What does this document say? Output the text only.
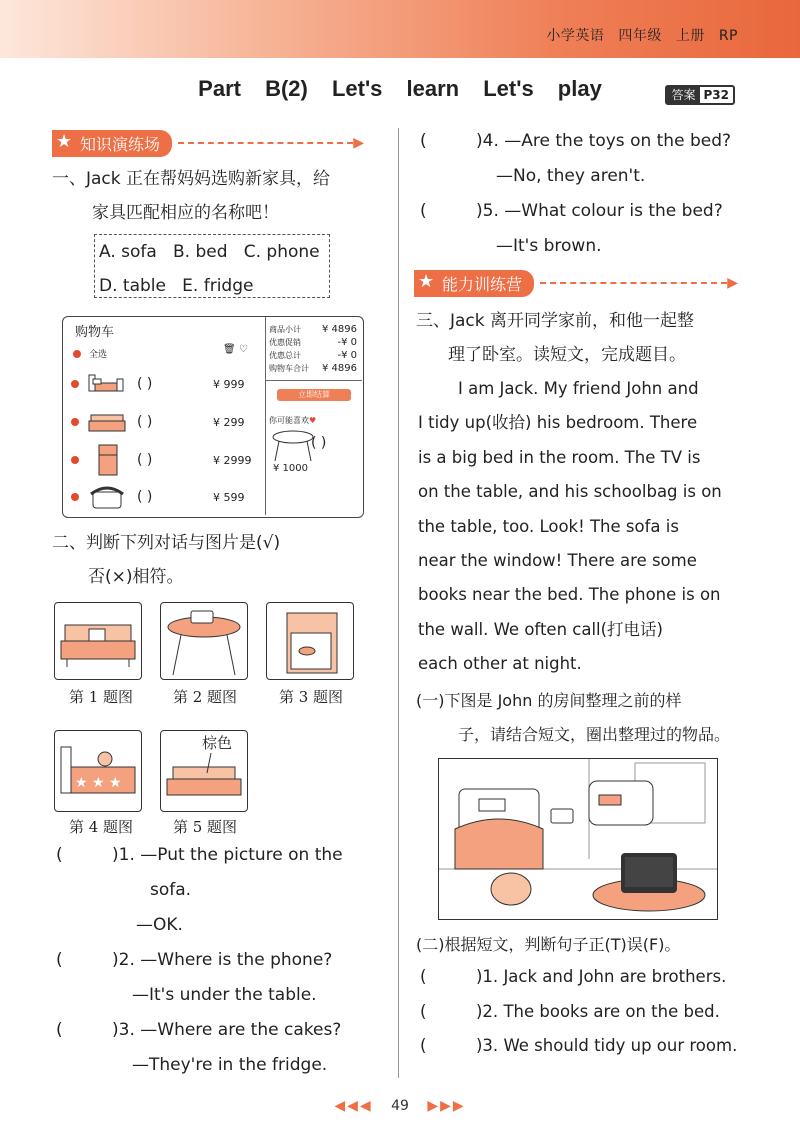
小学英语 四年级 上册 RP
Part B(2) Let's learn Let's play	答案 P32
★ 知识演练场	▶
一、Jack 正在帮妈妈选购新家具，给
家具匹配相应的名称吧！
A. sofa   B. bed   C. phone
D. table   E. fridge
购物车
全选	🗑 ♡
( )	¥ 999
( )	¥ 299
( )	¥ 2999
( )	¥ 599
商品小计 ¥ 4896
优惠促销	-¥ 0
优惠总计	-¥ 0
购物车合计 ¥ 4896
立即结算
你可能喜欢♥
( )
¥ 1000
二、判断下列对话与图片是(√)
否(×)相符。
第 1 题图	第 2 题图	第 3 题图
★ ★ ★
棕色
第 4 题图	第 5 题图
(	)1. —Put the picture on the
sofa.
—OK.
(	)2. —Where is the phone?
—It's under the table.
(	)3. —Where are the cakes?
—They're in the fridge.
(	)4. —Are the toys on the bed?
—No, they aren't.
(	)5. —What colour is the bed?
—It's brown.
★ 能力训练营	▶
三、Jack 离开同学家前，和他一起整
理了卧室。读短文，完成题目。
I am Jack. My friend John and
I tidy up(收拾) his bedroom. There
is a big bed in the room. The TV is
on the table, and his schoolbag is on
the table, too. Look! The sofa is
near the window! There are some
books near the bed. The phone is on
the wall. We often call(打电话)
each other at night.
(一)下图是 John 的房间整理之前的样
子，请结合短文，圈出整理过的物品。
(二)根据短文，判断句子正(T)误(F)。
(	)1. Jack and John are brothers.
(	)2. The books are on the bed.
(	)3. We should tidy up our room.
◀◀◀ 49 ▶▶▶
